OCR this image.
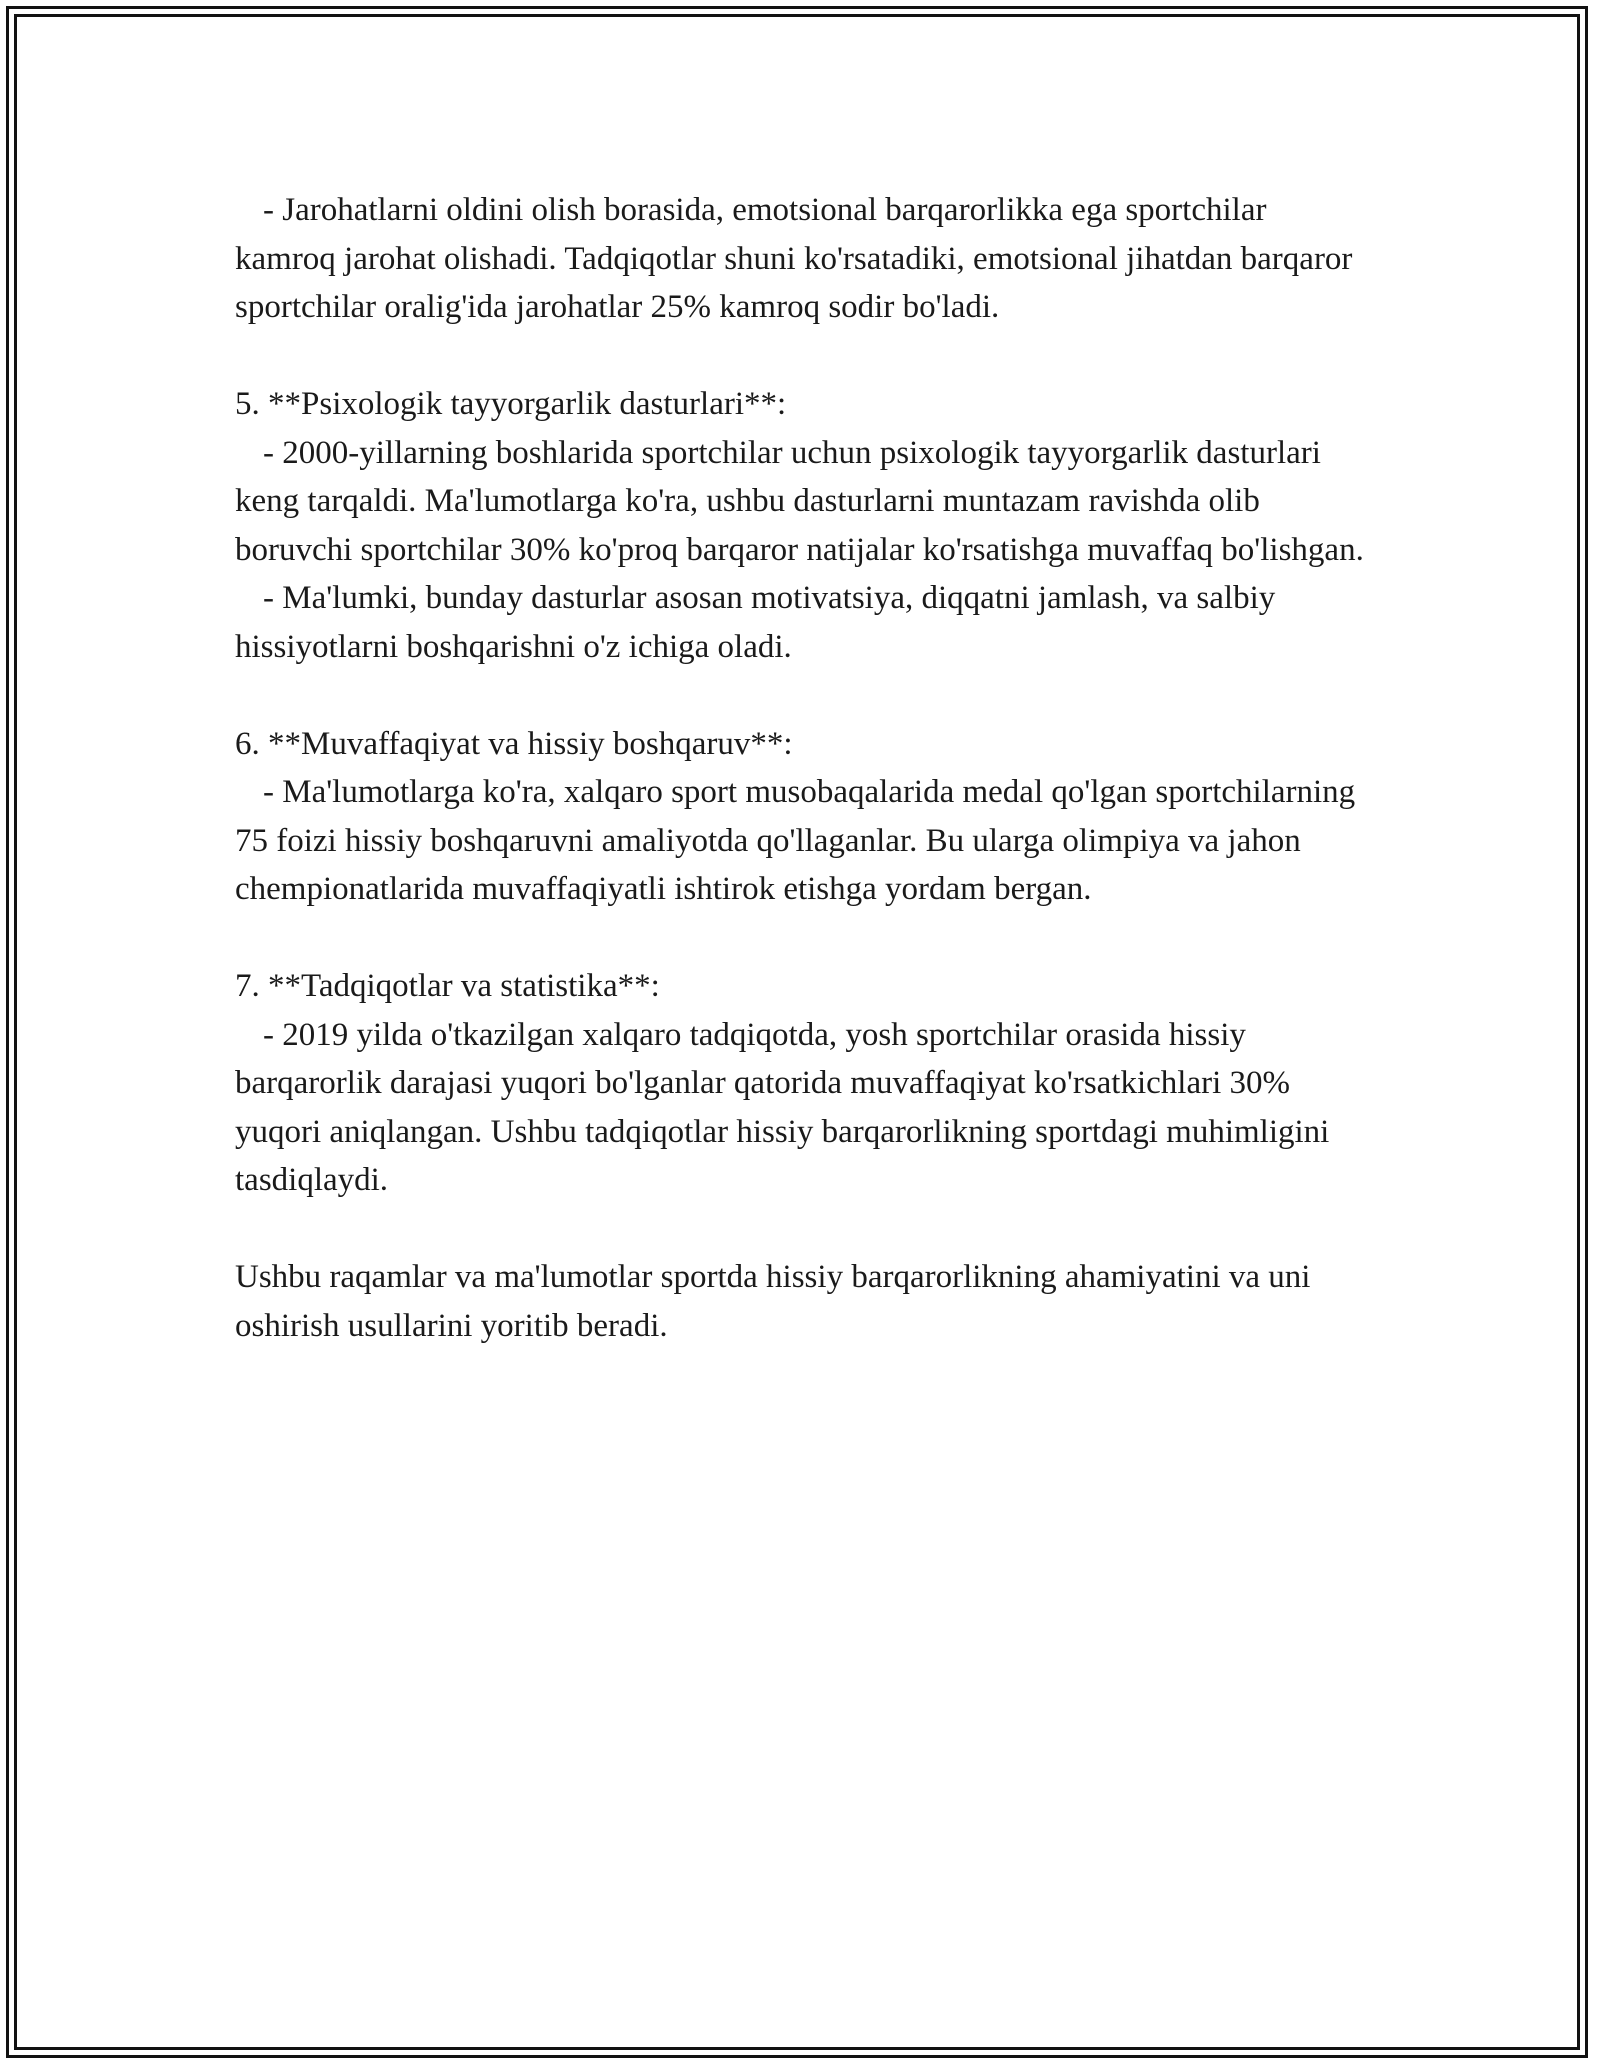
- Jarohatlarni oldini olish borasida, emotsional barqarorlikka ega sportchilar kamroq jarohat olishadi. Tadqiqotlar shuni ko'rsatadiki, emotsional jihatdan barqaror sportchilar oralig'ida jarohatlar 25% kamroq sodir bo'ladi.

5. **Psixologik tayyorgarlik dasturlari**:

- 2000-yillarning boshlarida sportchilar uchun psixologik tayyorgarlik dasturlari keng tarqaldi. Ma'lumotlarga ko'ra, ushbu dasturlarni muntazam ravishda olib boruvchi sportchilar 30% ko'proq barqaror natijalar ko'rsatishga muvaffaq bo'lishgan.

- Ma'lumki, bunday dasturlar asosan motivatsiya, diqqatni jamlash, va salbiy hissiyotlarni boshqarishni o'z ichiga oladi.

6. **Muvaffaqiyat va hissiy boshqaruv**:

- Ma'lumotlarga ko'ra, xalqaro sport musobaqalarida medal qo'lgan sportchilarning 75 foizi hissiy boshqaruvni amaliyotda qo'llaganlar. Bu ularga olimpiya va jahon chempionatlarida muvaffaqiyatli ishtirok etishga yordam bergan.

7. **Tadqiqotlar va statistika**:

- 2019 yilda o'tkazilgan xalqaro tadqiqotda, yosh sportchilar orasida hissiy barqarorlik darajasi yuqori bo'lganlar qatorida muvaffaqiyat ko'rsatkichlari 30% yuqori aniqlangan. Ushbu tadqiqotlar hissiy barqarorlikning sportdagi muhimligini tasdiqlaydi.

Ushbu raqamlar va ma'lumotlar sportda hissiy barqarorlikning ahamiyatini va uni oshirish usullarini yoritib beradi.
